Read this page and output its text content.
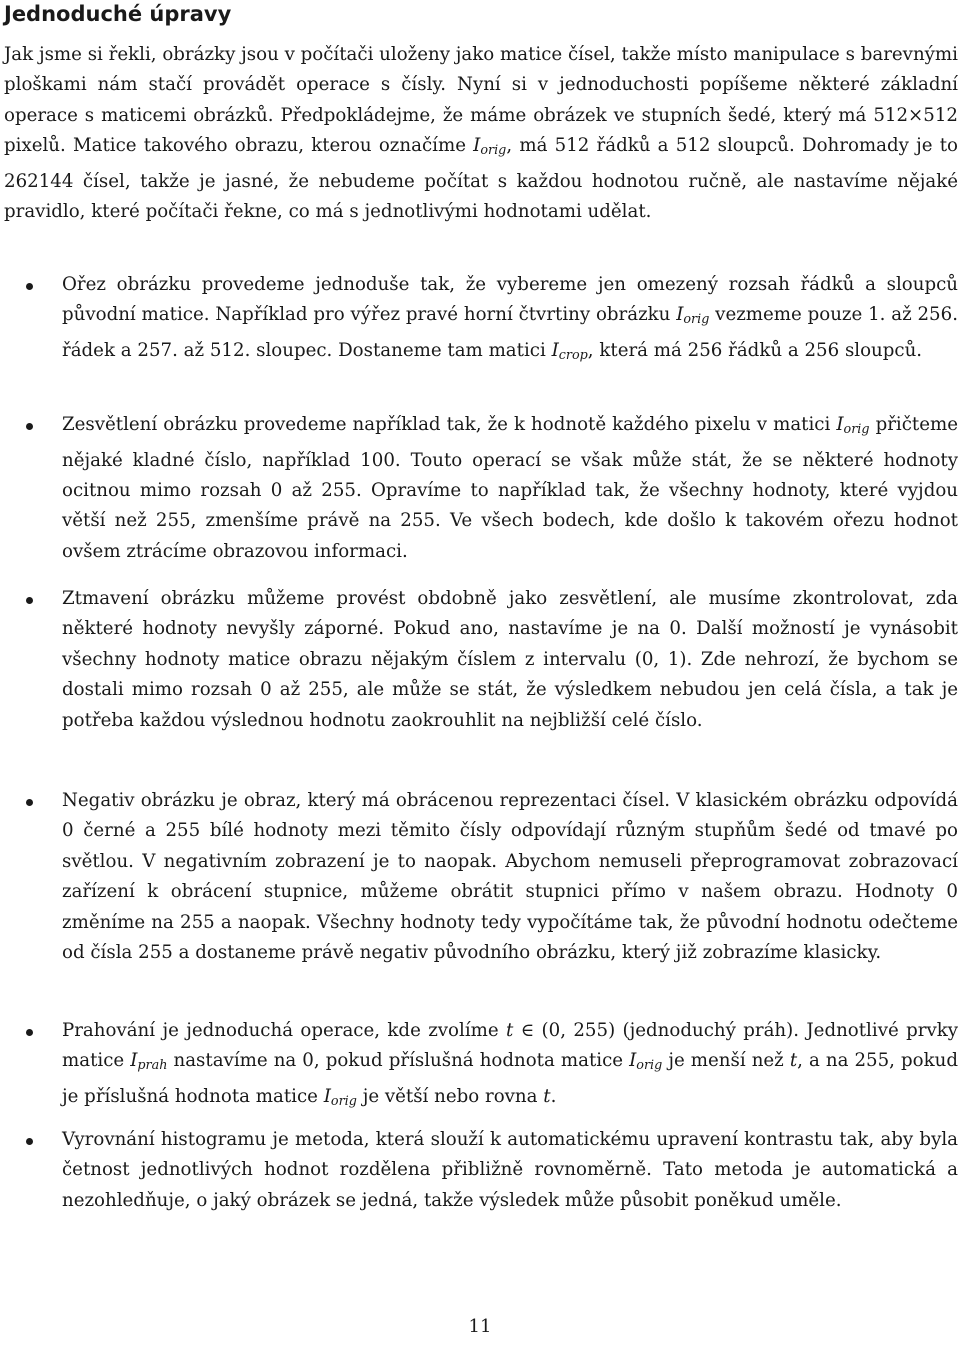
Jednoduché úpravy

Jak jsme si řekli, obrázky jsou v počítači uloženy jako matice čísel, takže místo manipulace s barevnými ploškami nám stačí provádět operace s čísly. Nyní si v jednoduchosti popíšeme některé základní operace s maticemi obrázků. Předpokládejme, že máme obrázek ve stupních šedé, který má 512×512 pixelů. Matice takového obrazu, kterou označíme $I_{orig}$, má 512 řádků a 512 sloupců. Dohromady je to 262144 čísel, takže je jasné, že nebudeme počítat s každou hodnotou ručně, ale nastavíme nějaké pravidlo, které počítači řekne, co má s jednotlivými hodnotami udělat.

Ořez obrázku provedeme jednoduše tak, že vybereme jen omezený rozsah řádků a sloupců původní matice. Například pro výřez pravé horní čtvrtiny obrázku $I_{orig}$ vezmeme pouze 1. až 256. řádek a 257. až 512. sloupec. Dostaneme tam matici $I_{crop}$, která má 256 řádků a 256 sloupců.
Zesvětlení obrázku provedeme například tak, že k hodnotě každého pixelu v matici $I_{orig}$ přičteme nějaké kladné číslo, například 100. Touto operací se však může stát, že se některé hodnoty ocitnou mimo rozsah 0 až 255. Opravíme to například tak, že všechny hodnoty, které vyjdou větší než 255, zmenšíme právě na 255. Ve všech bodech, kde došlo k takovém ořezu hodnot ovšem ztrácíme obrazovou informaci.
Ztmavení obrázku můžeme provést obdobně jako zesvětlení, ale musíme zkontrolovat, zda některé hodnoty nevyšly záporné. Pokud ano, nastavíme je na 0. Další možností je vynásobit všechny hodnoty matice obrazu nějakým číslem z intervalu (0, 1). Zde nehrozí, že bychom se dostali mimo rozsah 0 až 255, ale může se stát, že výsledkem nebudou jen celá čísla, a tak je potřeba každou výslednou hodnotu zaokrouhlit na nejbližší celé číslo.
Negativ obrázku je obraz, který má obrácenou reprezentaci čísel. V klasickém obrázku odpovídá 0 černé a 255 bílé hodnoty mezi těmito čísly odpovídají různým stupňům šedé od tmavé po světlou. V negativním zobrazení je to naopak. Abychom nemuseli přeprogramovat zobrazovací zařízení k obrácení stupnice, můžeme obrátit stupnici přímo v našem obrazu. Hodnoty 0 změníme na 255 a naopak. Všechny hodnoty tedy vypočítáme tak, že původní hodnotu odečteme od čísla 255 a dostaneme právě negativ původního obrázku, který již zobrazíme klasicky.
Prahování je jednoduchá operace, kde zvolíme t ∈ (0, 255) (jednoduchý práh). Jednotlivé prvky matice $I_{prah}$ nastavíme na 0, pokud příslušná hodnota matice $I_{orig}$ je menší než t, a na 255, pokud je příslušná hodnota matice $I_{orig}$ je větší nebo rovna t.
Vyrovnání histogramu je metoda, která slouží k automatickému upravení kontrastu tak, aby byla četnost jednotlivých hodnot rozdělena přibližně rovnoměrně. Tato metoda je automatická a nezohledňuje, o jaký obrázek se jedná, takže výsledek může působit poněkud uměle.
11
